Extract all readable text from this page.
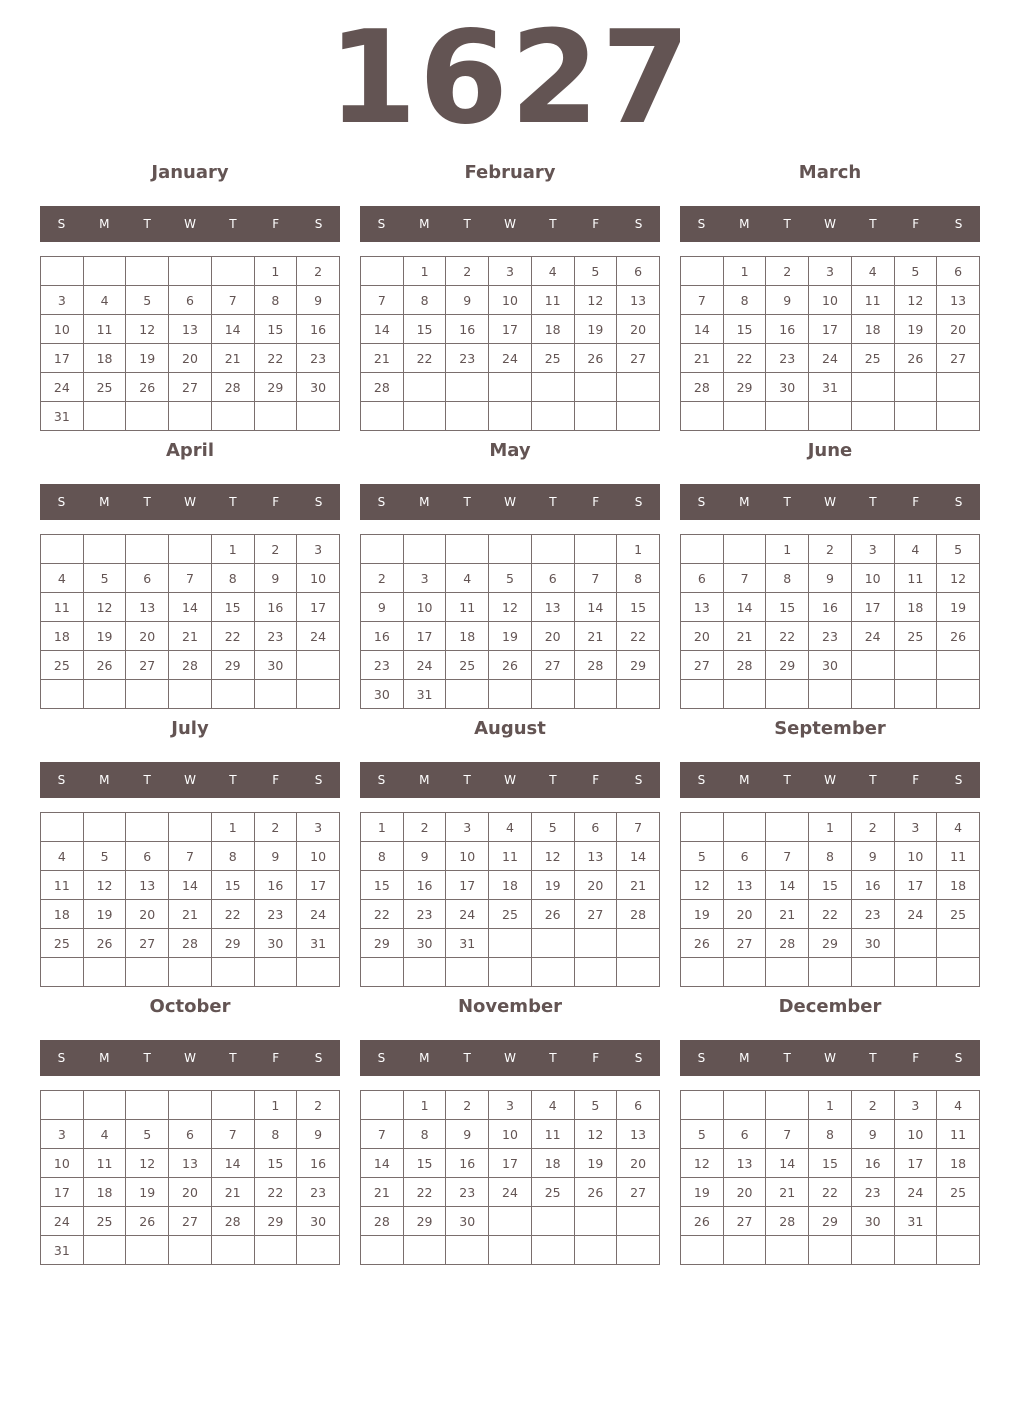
1627
January
S	M	T	W	T	F	S
					1	2
3	4	5	6	7	8	9
10	11	12	13	14	15	16
17	18	19	20	21	22	23
24	25	26	27	28	29	30
31						
February
S	M	T	W	T	F	S
	1	2	3	4	5	6
7	8	9	10	11	12	13
14	15	16	17	18	19	20
21	22	23	24	25	26	27
28						

March
S	M	T	W	T	F	S
	1	2	3	4	5	6
7	8	9	10	11	12	13
14	15	16	17	18	19	20
21	22	23	24	25	26	27
28	29	30	31			

April
S	M	T	W	T	F	S
				1	2	3
4	5	6	7	8	9	10
11	12	13	14	15	16	17
18	19	20	21	22	23	24
25	26	27	28	29	30	

May
S	M	T	W	T	F	S
						1
2	3	4	5	6	7	8
9	10	11	12	13	14	15
16	17	18	19	20	21	22
23	24	25	26	27	28	29
30	31					
June
S	M	T	W	T	F	S
		1	2	3	4	5
6	7	8	9	10	11	12
13	14	15	16	17	18	19
20	21	22	23	24	25	26
27	28	29	30			

July
S	M	T	W	T	F	S
				1	2	3
4	5	6	7	8	9	10
11	12	13	14	15	16	17
18	19	20	21	22	23	24
25	26	27	28	29	30	31

August
S	M	T	W	T	F	S
1	2	3	4	5	6	7
8	9	10	11	12	13	14
15	16	17	18	19	20	21
22	23	24	25	26	27	28
29	30	31				

September
S	M	T	W	T	F	S
			1	2	3	4
5	6	7	8	9	10	11
12	13	14	15	16	17	18
19	20	21	22	23	24	25
26	27	28	29	30		

October
S	M	T	W	T	F	S
					1	2
3	4	5	6	7	8	9
10	11	12	13	14	15	16
17	18	19	20	21	22	23
24	25	26	27	28	29	30
31						
November
S	M	T	W	T	F	S
	1	2	3	4	5	6
7	8	9	10	11	12	13
14	15	16	17	18	19	20
21	22	23	24	25	26	27
28	29	30				

December
S	M	T	W	T	F	S
			1	2	3	4
5	6	7	8	9	10	11
12	13	14	15	16	17	18
19	20	21	22	23	24	25
26	27	28	29	30	31	
